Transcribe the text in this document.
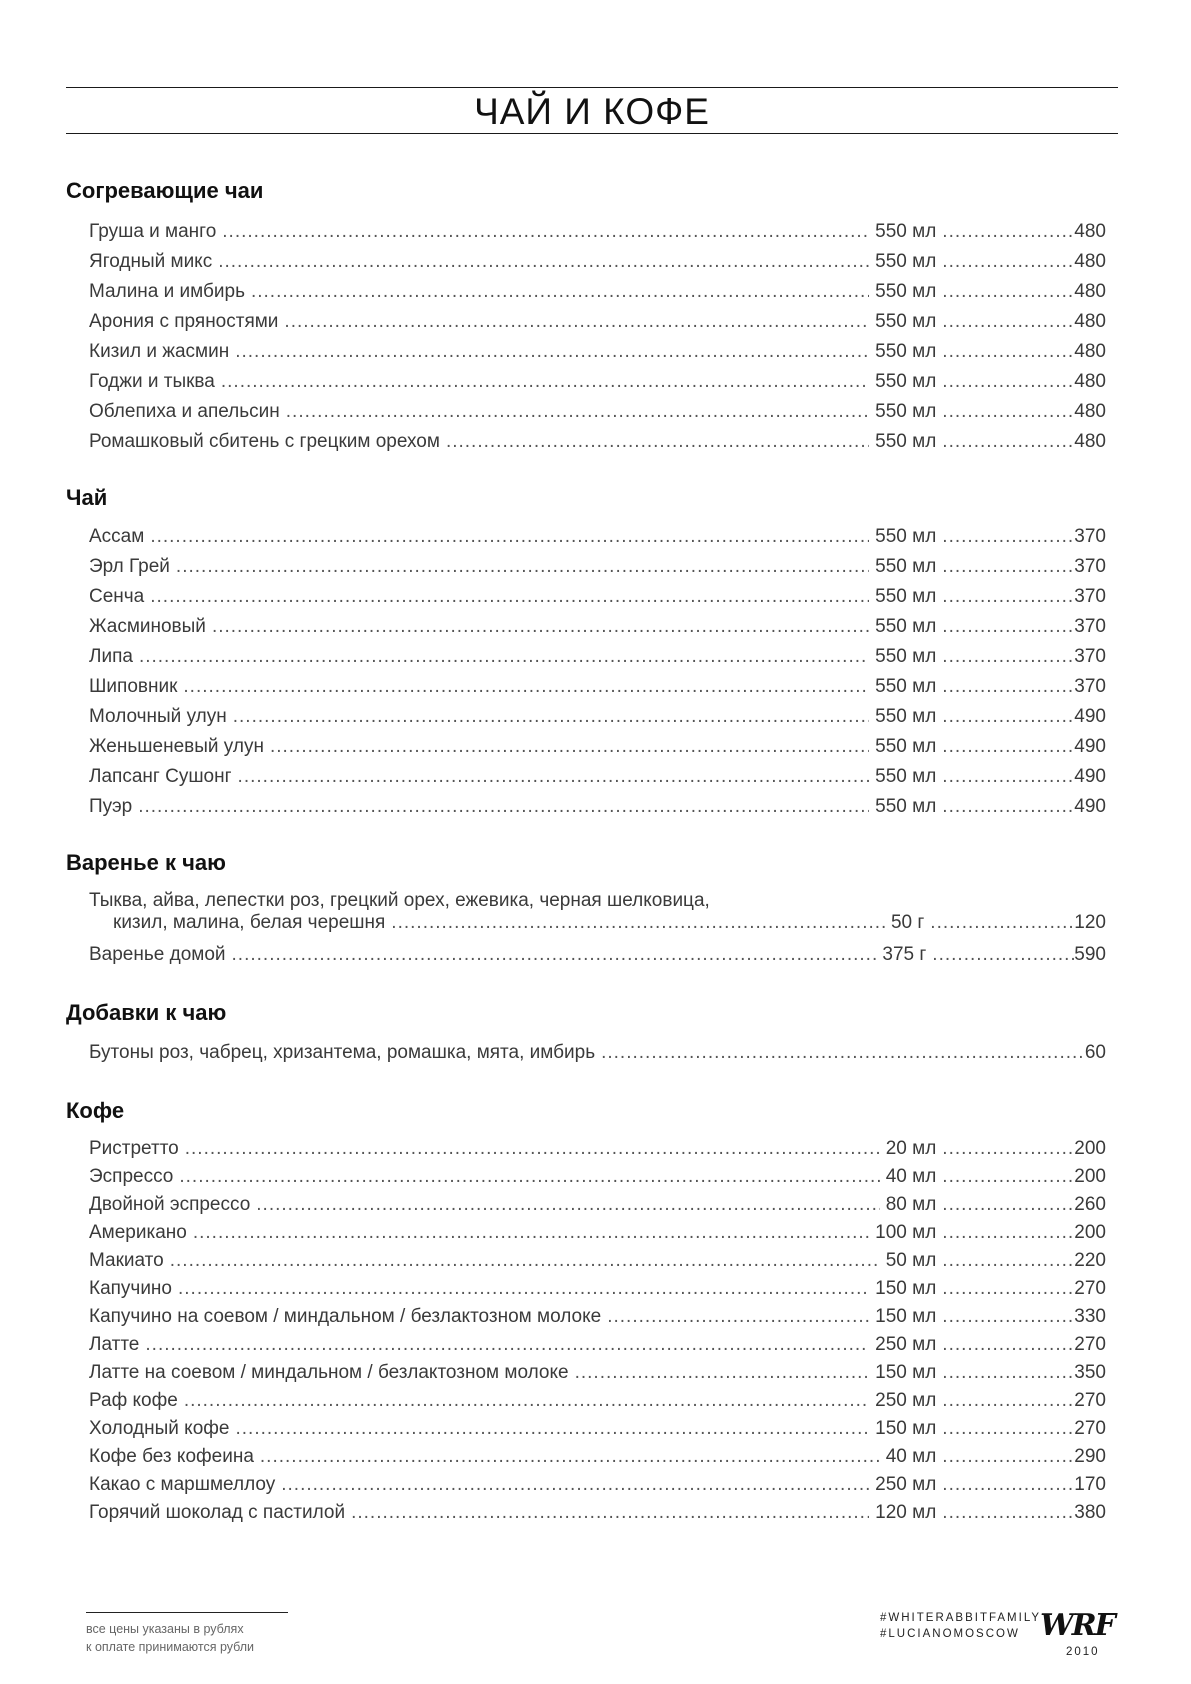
ЧАЙ И КОФЕ
Согревающие чаи
Груша и манго .....	550 мл .....	480
Ягодный микс .....	550 мл .....	480
Малина и имбирь .....	550 мл .....	480
Арония с пряностями .....	550 мл .....	480
Кизил и жасмин .....	550 мл .....	480
Годжи и тыква .....	550 мл .....	480
Облепиха и апельсин .....	550 мл .....	480
Ромашковый сбитень с грецким орехом .....	550 мл .....	480
Чай
Ассам .....	550 мл .....	370
Эрл Грей .....	550 мл .....	370
Сенча .....	550 мл .....	370
Жасминовый .....	550 мл .....	370
Липа .....	550 мл .....	370
Шиповник .....	550 мл .....	370
Молочный улун .....	550 мл .....	490
Женьшеневый улун .....	550 мл .....	490
Лапсанг Сушонг .....	550 мл .....	490
Пуэр .....	550 мл .....	490
Варенье к чаю
Тыква, айва, лепестки роз, грецкий орех, ежевика, черная шелковица,
кизил, малина, белая черешня .....	50 г .....	120
Варенье домой .....	375 г .....	590
Добавки к чаю
Бутоны роз, чабрец, хризантема, ромашка, мята, имбирь .....	60
Кофе
Ристретто .....	20 мл .....	200
Эспрессо .....	40 мл .....	200
Двойной эспрессо .....	80 мл .....	260
Американо .....	100 мл .....	200
Макиато .....	50 мл .....	220
Капучино .....	150 мл .....	270
Капучино на соевом / миндальном / безлактозном молоке .....	150 мл .....	330
Латте .....	250 мл .....	270
Латте на соевом / миндальном / безлактозном молоке .....	150 мл .....	350
Раф кофе .....	250 мл .....	270
Холодный кофе .....	150 мл .....	270
Кофе без кофеина .....	40 мл .....	290
Какао с маршмеллоу .....	250 мл .....	170
Горячий шоколад с пастилой .....	120 мл .....	380
все цены указаны в рублях
к оплате принимаются рубли
#WHITERABBITFAMILY
#LUCIANOMOSCOW WRF
2010
